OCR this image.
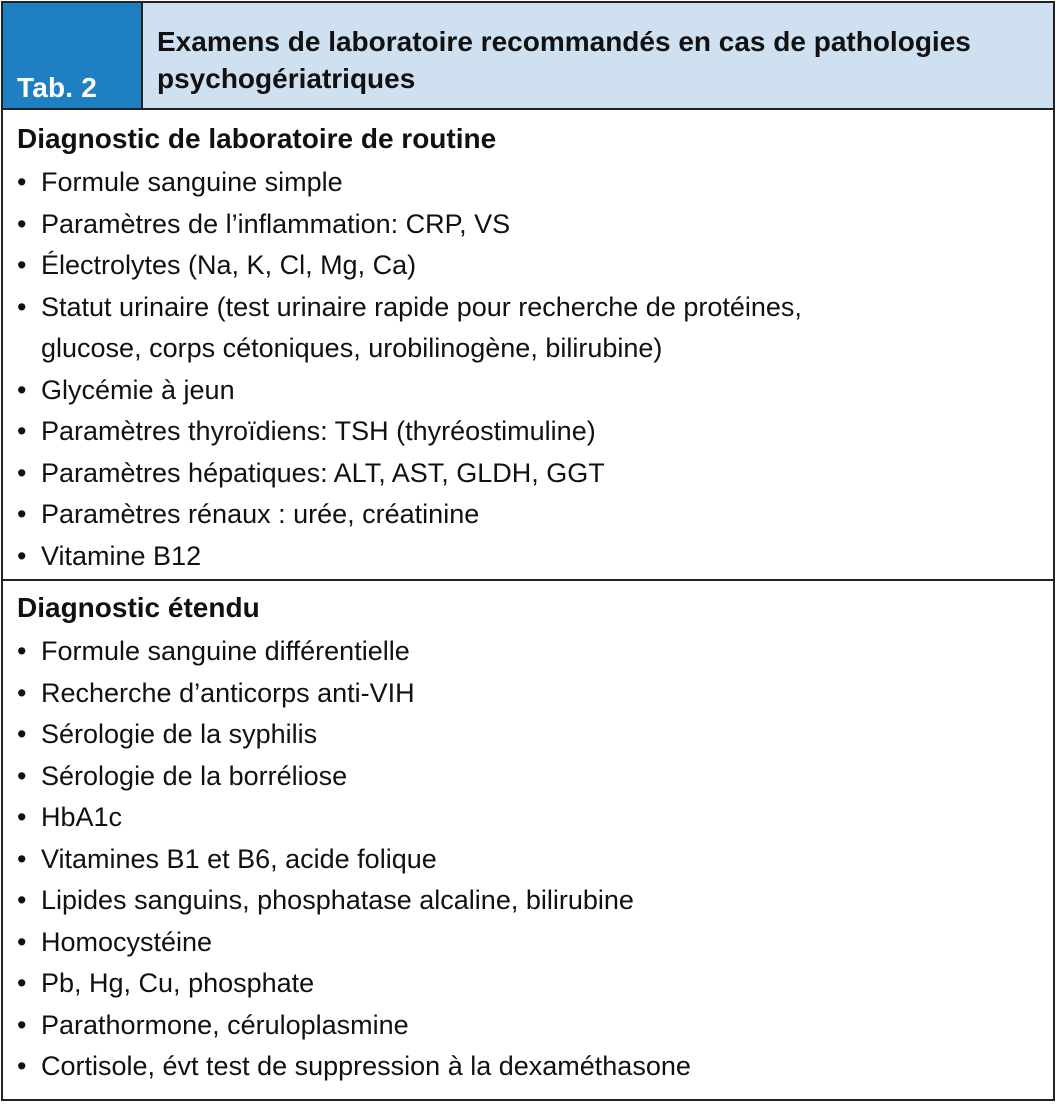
Tab. 2
Examens de laboratoire recommandés en cas de pathologies
psychogériatriques
Diagnostic de laboratoire de routine
• Formule sanguine simple
• Paramètres de l’inflammation: CRP, VS
• Électrolytes (Na, K, Cl, Mg, Ca)
• Statut urinaire (test urinaire rapide pour recherche de protéines,
glucose, corps cétoniques, urobilinogène, bilirubine)
• Glycémie à jeun
• Paramètres thyroïdiens: TSH (thyréostimuline)
• Paramètres hépatiques: ALT, AST, GLDH, GGT
• Paramètres rénaux : urée, créatinine
• Vitamine B12
Diagnostic étendu
• Formule sanguine différentielle
• Recherche d’anticorps anti-VIH
• Sérologie de la syphilis
• Sérologie de la borréliose
• HbA1c
• Vitamines B1 et B6, acide folique
• Lipides sanguins, phosphatase alcaline, bilirubine
• Homocystéine
• Pb, Hg, Cu, phosphate
• Parathormone, céruloplasmine
• Cortisole, évt test de suppression à la dexaméthasone
